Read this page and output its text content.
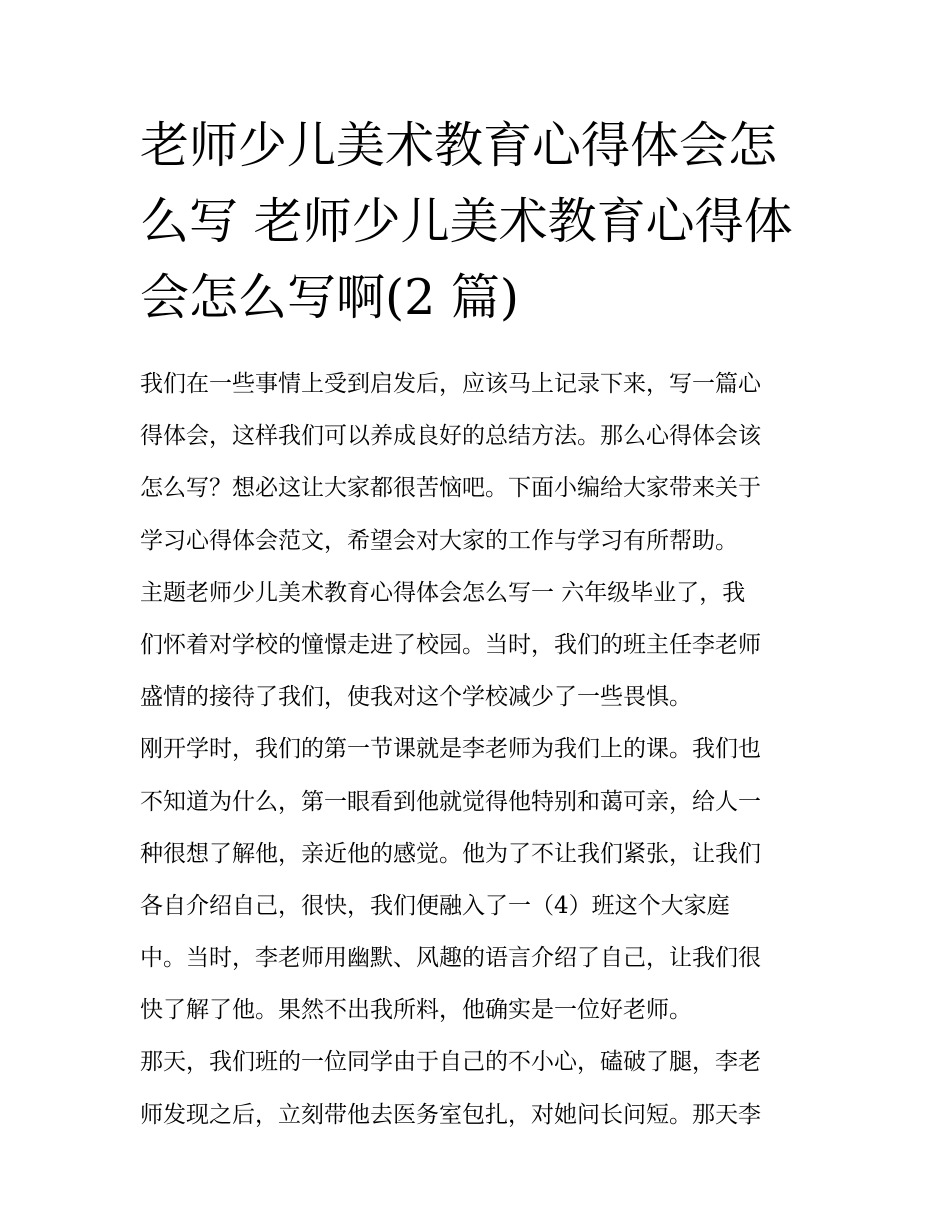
老师少儿美术教育心得体会怎
么写 老师少儿美术教育心得体
会怎么写啊(2 篇)
我们在一些事情上受到启发后，应该马上记录下来，写一篇心
得体会，这样我们可以养成良好的总结方法。那么心得体会该
怎么写？想必这让大家都很苦恼吧。下面小编给大家带来关于
学习心得体会范文，希望会对大家的工作与学习有所帮助。
主题老师少儿美术教育心得体会怎么写一 六年级毕业了，我
们怀着对学校的憧憬走进了校园。当时，我们的班主任李老师
盛情的接待了我们，使我对这个学校减少了一些畏惧。
刚开学时，我们的第一节课就是李老师为我们上的课。我们也
不知道为什么，第一眼看到他就觉得他特别和蔼可亲，给人一
种很想了解他，亲近他的感觉。他为了不让我们紧张，让我们
各自介绍自己，很快，我们便融入了一（4）班这个大家庭
中。当时，李老师用幽默、风趣的语言介绍了自己，让我们很
快了解了他。果然不出我所料，他确实是一位好老师。
那天，我们班的一位同学由于自己的不小心，磕破了腿，李老
师发现之后，立刻带他去医务室包扎，对她问长问短。那天李
